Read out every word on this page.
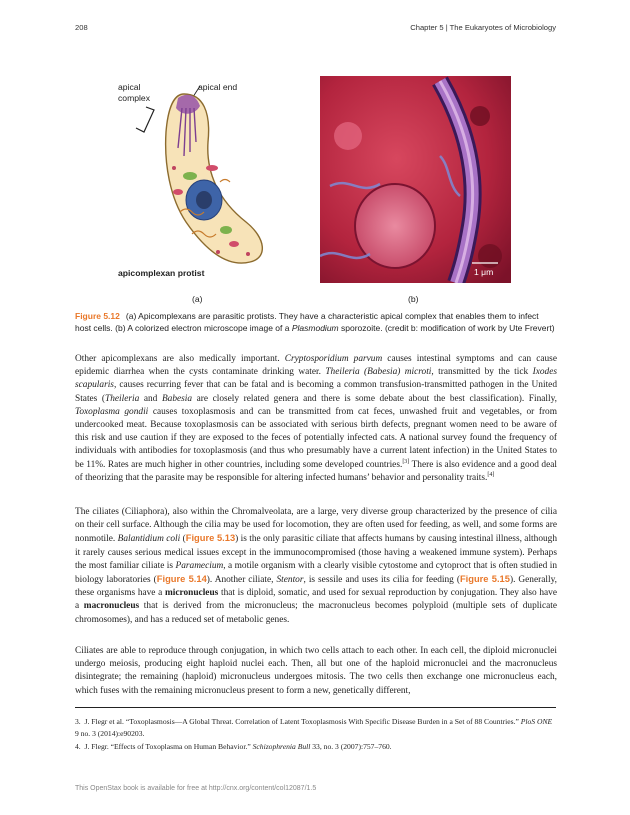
208	Chapter 5 | The Eukaryotes of Microbiology
apical
complex
apical end
apicomplexan protist	1 μm
(a)	(b)
Figure 5.12 (a) Apicomplexans are parasitic protists. They have a characteristic apical complex that enables them to infect host cells. (b) A colorized electron microscope image of a Plasmodium sporozoite. (credit b: modification of work by Ute Frevert)
Other apicomplexans are also medically important. Cryptosporidium parvum causes intestinal symptoms and can cause epidemic diarrhea when the cysts contaminate drinking water. Theileria (Babesia) microti, transmitted by the tick Ixodes scapularis, causes recurring fever that can be fatal and is becoming a common transfusion-transmitted pathogen in the United States (Theileria and Babesia are closely related genera and there is some debate about the best classification). Finally, Toxoplasma gondii causes toxoplasmosis and can be transmitted from cat feces, unwashed fruit and vegetables, or from undercooked meat. Because toxoplasmosis can be associated with serious birth defects, pregnant women need to be aware of this risk and use caution if they are exposed to the feces of potentially infected cats. A national survey found the frequency of individuals with antibodies for toxoplasmosis (and thus who presumably have a current latent infection) in the United States to be 11%. Rates are much higher in other countries, including some developed countries.[3] There is also evidence and a good deal of theorizing that the parasite may be responsible for altering infected humans’ behavior and personality traits.[4]
The ciliates (Ciliaphora), also within the Chromalveolata, are a large, very diverse group characterized by the presence of cilia on their cell surface. Although the cilia may be used for locomotion, they are often used for feeding, as well, and some forms are nonmotile. Balantidium coli (Figure 5.13) is the only parasitic ciliate that affects humans by causing intestinal illness, although it rarely causes serious medical issues except in the immunocompromised (those having a weakened immune system). Perhaps the most familiar ciliate is Paramecium, a motile organism with a clearly visible cytostome and cytoproct that is often studied in biology laboratories (Figure 5.14). Another ciliate, Stentor, is sessile and uses its cilia for feeding (Figure 5.15). Generally, these organisms have a micronucleus that is diploid, somatic, and used for sexual reproduction by conjugation. They also have a macronucleus that is derived from the micronucleus; the macronucleus becomes polyploid (multiple sets of duplicate chromosomes), and has a reduced set of metabolic genes.
Ciliates are able to reproduce through conjugation, in which two cells attach to each other. In each cell, the diploid micronuclei undergo meiosis, producing eight haploid nuclei each. Then, all but one of the haploid micronuclei and the macronucleus disintegrate; the remaining (haploid) micronucleus undergoes mitosis. The two cells then exchange one micronucleus each, which fuses with the remaining micronucleus present to form a new, genetically different,
3. J. Flegr et al. “Toxoplasmosis—A Global Threat. Correlation of Latent Toxoplasmosis With Specific Disease Burden in a Set of 88 Countries.” PloS ONE 9 no. 3 (2014):e90203.
4. J. Flegr. “Effects of Toxoplasma on Human Behavior.” Schizophrenia Bull 33, no. 3 (2007):757–760.
This OpenStax book is available for free at http://cnx.org/content/col12087/1.5
